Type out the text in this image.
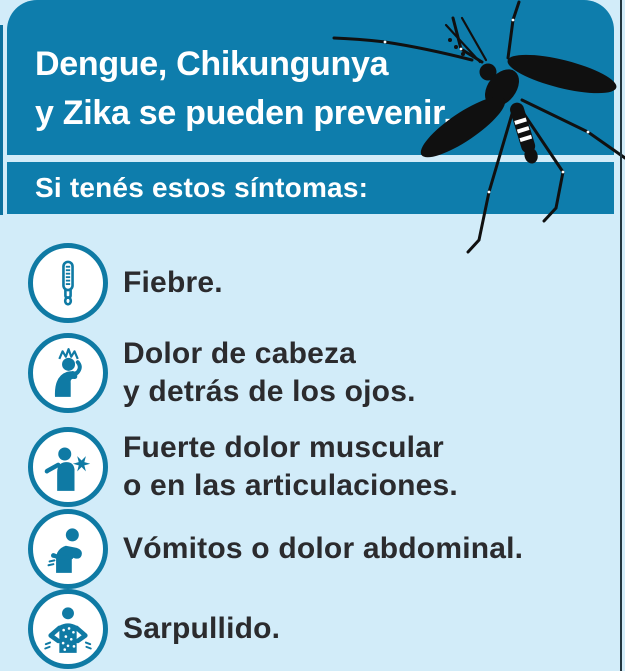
Dengue, Chikungunya
y Zika se pueden prevenir.
Si tenés estos síntomas:
Fiebre.
Dolor de cabeza
y detrás de los ojos.
Fuerte dolor muscular
o en las articulaciones.
Vómitos o dolor abdominal.
Sarpullido.
